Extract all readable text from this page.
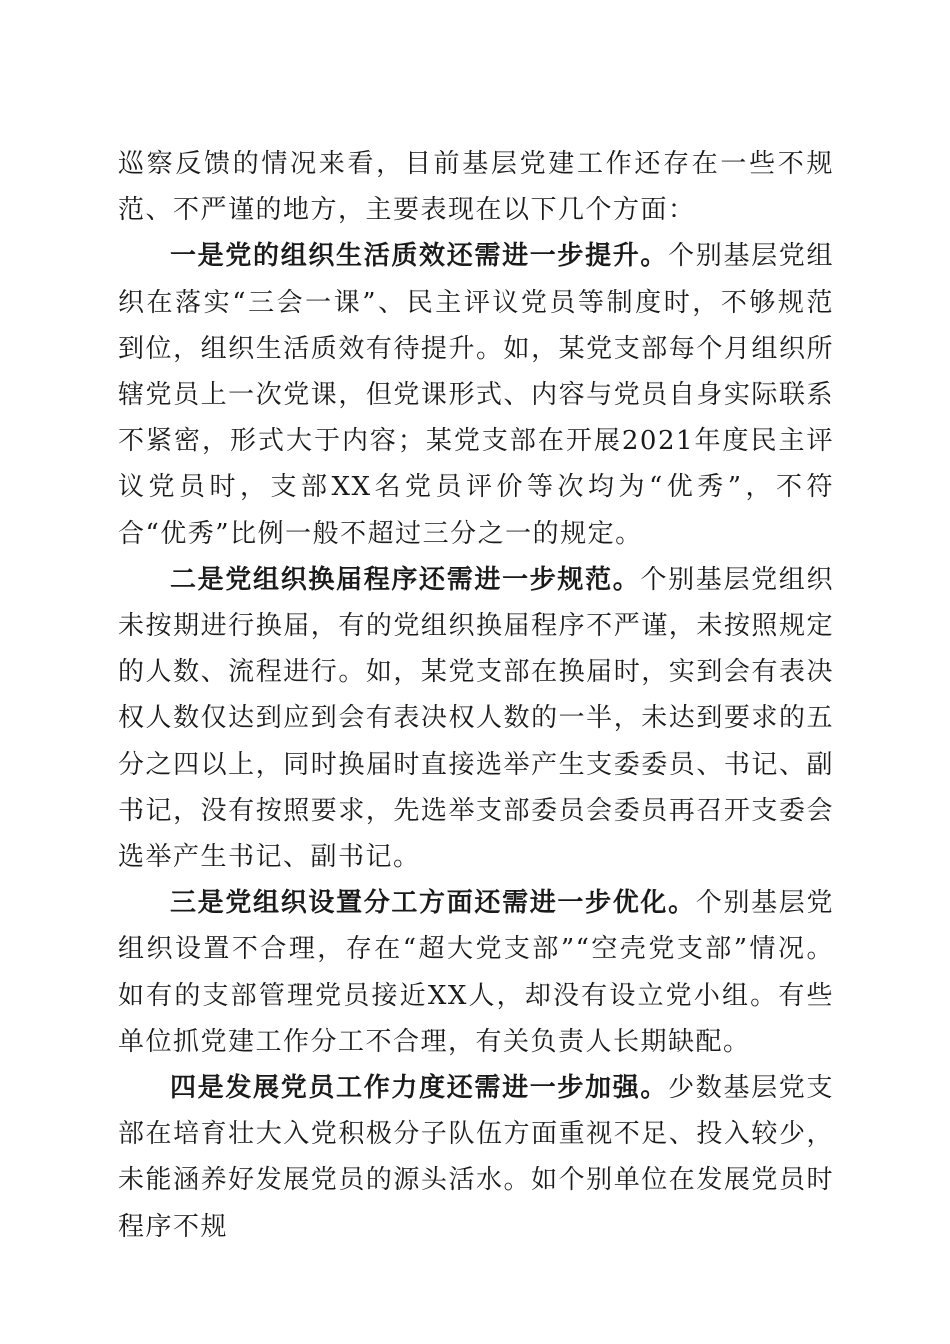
巡察反馈的情况来看，目前基层党建工作还存在一些不规范、不严谨的地方，主要表现在以下几个方面：

一是党的组织生活质效还需进一步提升。个别基层党组织在落实“三会一课”、民主评议党员等制度时，不够规范到位，组织生活质效有待提升。如，某党支部每个月组织所辖党员上一次党课，但党课形式、内容与党员自身实际联系不紧密，形式大于内容；某党支部在开展2021年度民主评议党员时，支部XX名党员评价等次均为“优秀”，不符合“优秀”比例一般不超过三分之一的规定。

二是党组织换届程序还需进一步规范。个别基层党组织未按期进行换届，有的党组织换届程序不严谨，未按照规定的人数、流程进行。如，某党支部在换届时，实到会有表决权人数仅达到应到会有表决权人数的一半，未达到要求的五分之四以上，同时换届时直接选举产生支委委员、书记、副书记，没有按照要求，先选举支部委员会委员再召开支委会选举产生书记、副书记。

三是党组织设置分工方面还需进一步优化。个别基层党组织设置不合理，存在“超大党支部”“空壳党支部”情况。如有的支部管理党员接近XX人，却没有设立党小组。有些单位抓党建工作分工不合理，有关负责人长期缺配。

四是发展党员工作力度还需进一步加强。少数基层党支部在培育壮大入党积极分子队伍方面重视不足、投入较少，未能涵养好发展党员的源头活水。如个别单位在发展党员时程序不规
